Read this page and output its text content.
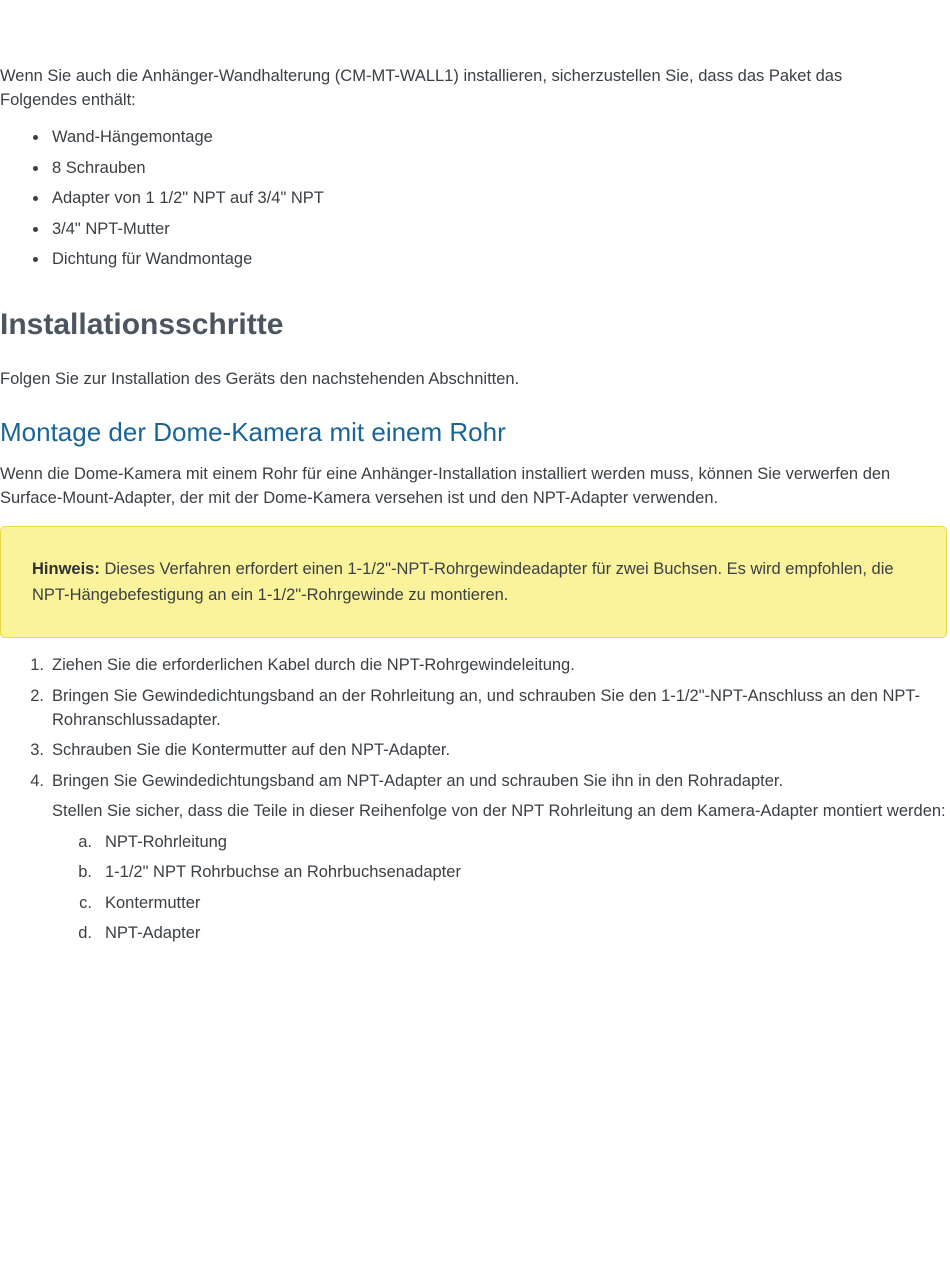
Wenn Sie auch die Anhänger-Wandhalterung (CM-MT-WALL1) installieren, sicherzustellen Sie, dass das Paket das Folgendes enthält:

Wand-Hängemontage
8 Schrauben
Adapter von 1 1/2" NPT auf 3/4" NPT
3/4" NPT-Mutter
Dichtung für Wandmontage
Installationsschritte

Folgen Sie zur Installation des Geräts den nachstehenden Abschnitten.

Montage der Dome-Kamera mit einem Rohr

Wenn die Dome-Kamera mit einem Rohr für eine Anhänger-Installation installiert werden muss, können Sie verwerfen den Surface-Mount-Adapter, der mit der Dome-Kamera versehen ist und den NPT-Adapter verwenden.

Hinweis: Dieses Verfahren erfordert einen 1-1/2"-NPT-Rohrgewindeadapter für zwei Buchsen. Es wird empfohlen, die NPT-Hängebefestigung an ein 1-1/2"-Rohrgewinde zu montieren.
1. Ziehen Sie die erforderlichen Kabel durch die NPT-Rohrgewindeleitung.
2. Bringen Sie Gewindedichtungsband an der Rohrleitung an, und schrauben Sie den 1-1/2"-NPT-Anschluss an den NPT-Rohranschlussadapter.
3. Schrauben Sie die Kontermutter auf den NPT-Adapter.
4. Bringen Sie Gewindedichtungsband am NPT-Adapter an und schrauben Sie ihn in den Rohradapter.

Stellen Sie sicher, dass die Teile in dieser Reihenfolge von der NPT Rohrleitung an dem Kamera-Adapter montiert werden:

a. NPT-Rohrleitung
b. 1-1/2" NPT Rohrbuchse an Rohrbuchsenadapter
c. Kontermutter
d. NPT-Adapter
